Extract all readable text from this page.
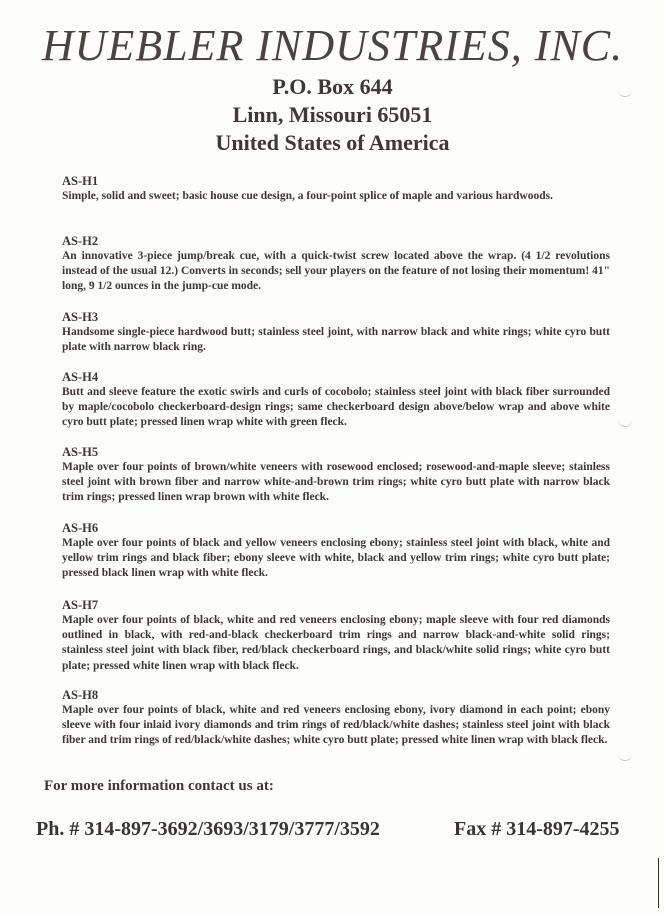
HUEBLER INDUSTRIES, INC.
P.O. Box 644
Linn, Missouri 65051
United States of America
AS-H1
Simple, solid and sweet; basic house cue design, a four-point splice of maple and various hardwoods.
AS-H2
An innovative 3-piece jump/break cue, with a quick-twist screw located above the wrap. (4 1/2 revolutions instead of the usual 12.) Converts in seconds; sell your players on the feature of not losing their momentum! 41" long, 9 1/2 ounces in the jump-cue mode.
AS-H3
Handsome single-piece hardwood butt; stainless steel joint, with narrow black and white rings; white cyro butt plate with narrow black ring.
AS-H4
Butt and sleeve feature the exotic swirls and curls of cocobolo; stainless steel joint with black fiber surrounded by maple/cocobolo checkerboard-design rings; same checkerboard design above/below wrap and above white cyro butt plate; pressed linen wrap white with green fleck.
AS-H5
Maple over four points of brown/white veneers with rosewood enclosed; rosewood-and-maple sleeve; stainless steel joint with brown fiber and narrow white-and-brown trim rings; white cyro butt plate with narrow black trim rings; pressed linen wrap brown with white fleck.
AS-H6
Maple over four points of black and yellow veneers enclosing ebony; stainless steel joint with black, white and yellow trim rings and black fiber; ebony sleeve with white, black and yellow trim rings; white cyro butt plate; pressed black linen wrap with white fleck.
AS-H7
Maple over four points of black, white and red veneers enclosing ebony; maple sleeve with four red diamonds outlined in black, with red-and-black checkerboard trim rings and narrow black-and-white solid rings; stainless steel joint with black fiber, red/black checkerboard rings, and black/white solid rings; white cyro butt plate; pressed white linen wrap with black fleck.
AS-H8
Maple over four points of black, white and red veneers enclosing ebony, ivory diamond in each point; ebony sleeve with four inlaid ivory diamonds and trim rings of red/black/white dashes; stainless steel joint with black fiber and trim rings of red/black/white dashes; white cyro butt plate; pressed white linen wrap with black fleck.
For more information contact us at:
Ph. # 314-897-3692/3693/3179/3777/3592	Fax # 314-897-4255
